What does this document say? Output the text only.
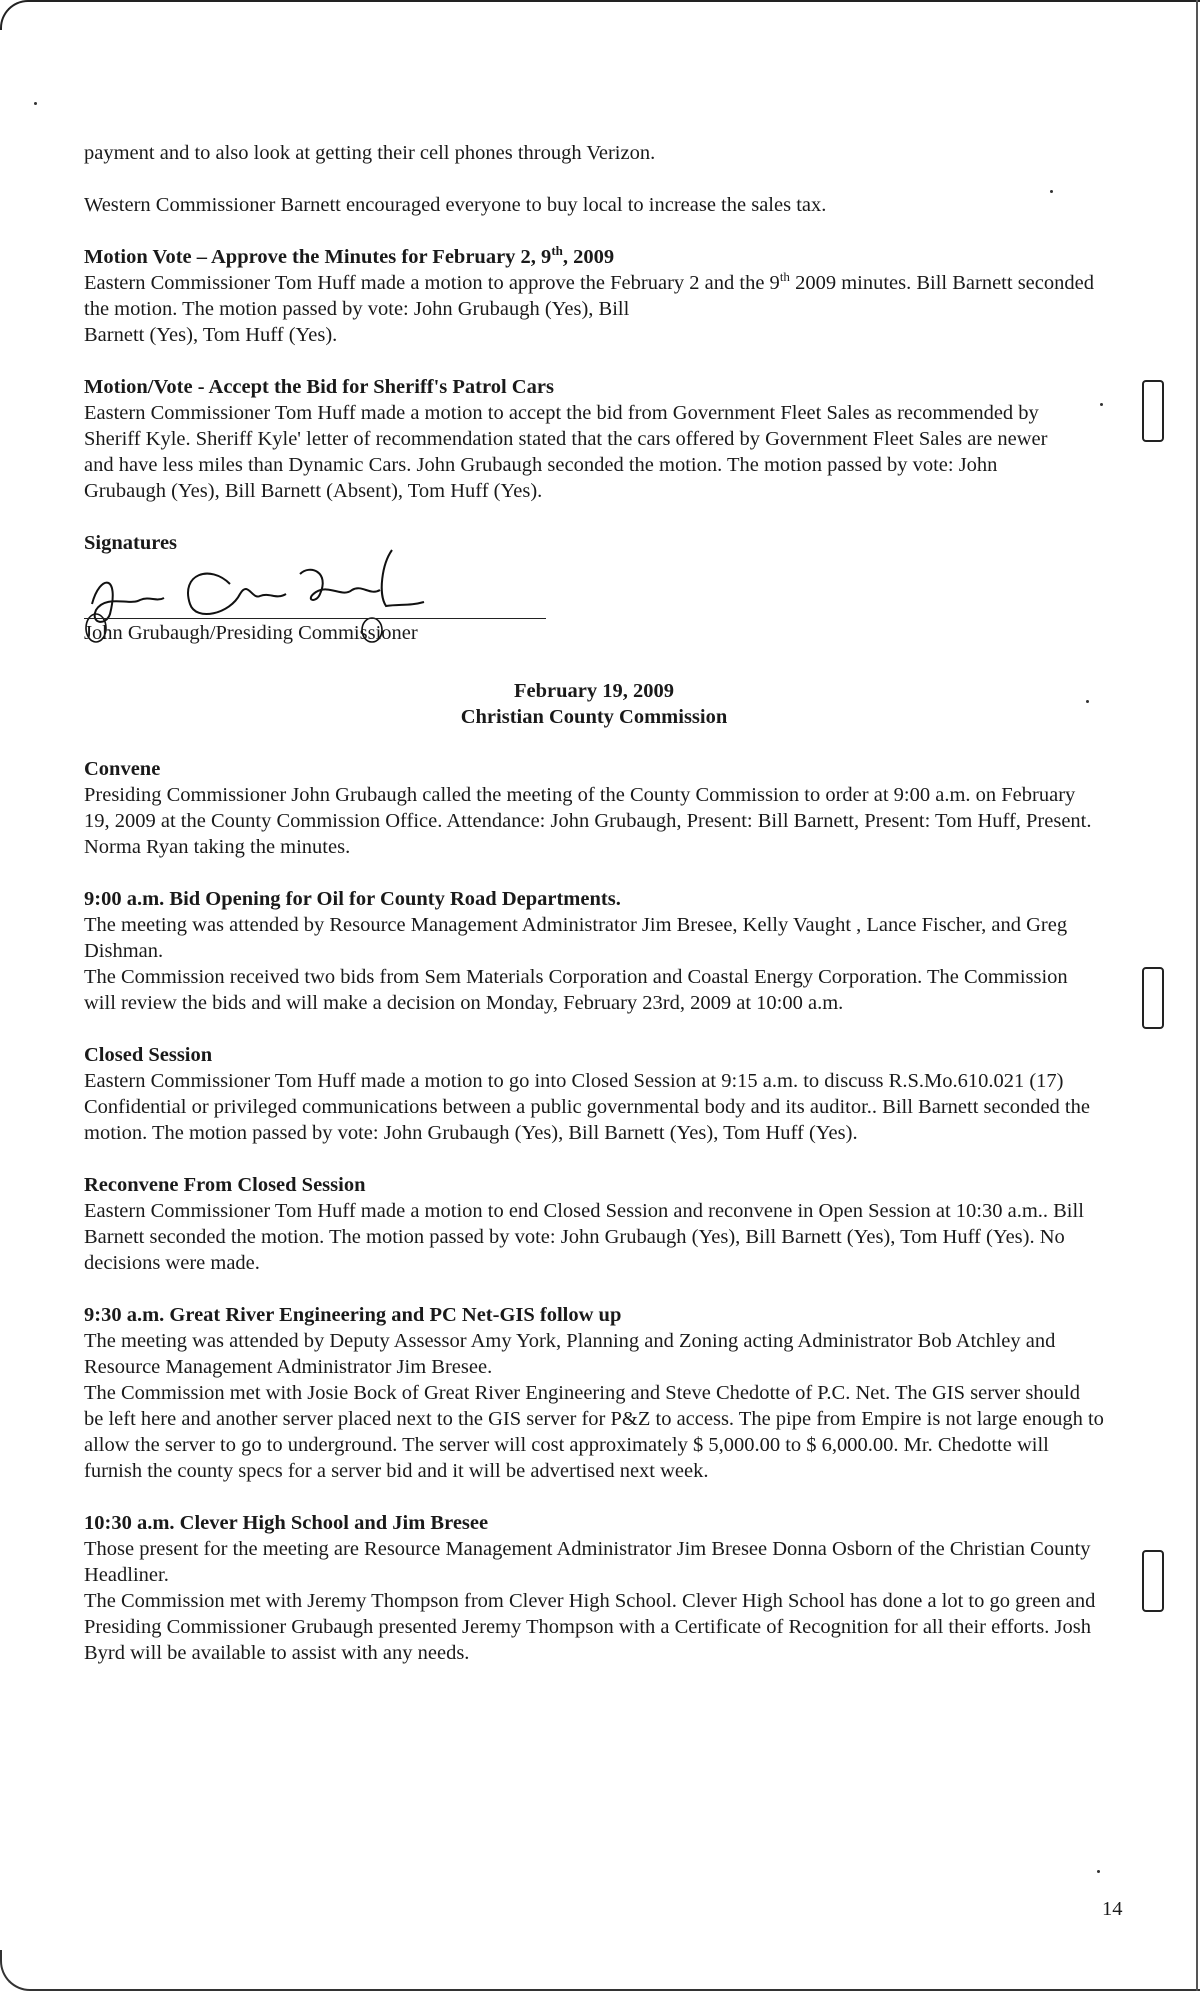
payment and to also look at getting their cell phones through Verizon.

Western Commissioner Barnett encouraged everyone to buy local to increase the sales tax.

Motion Vote – Approve the Minutes for February 2, 9th, 2009

Eastern Commissioner Tom Huff made a motion to approve the February 2 and the 9th 2009 minutes. Bill Barnett seconded the motion. The motion passed by vote: John Grubaugh (Yes), Bill

Barnett (Yes), Tom Huff (Yes).

Motion/Vote - Accept the Bid for Sheriff's Patrol Cars

Eastern Commissioner Tom Huff made a motion to accept the bid from Government Fleet Sales as recommended by Sheriff Kyle. Sheriff Kyle' letter of recommendation stated that the cars offered by Government Fleet Sales are newer and have less miles than Dynamic Cars. John Grubaugh seconded the motion. The motion passed by vote: John Grubaugh (Yes), Bill Barnett (Absent), Tom Huff (Yes).

Signatures

John Grubaugh/Presiding Commissioner

February 19, 2009

Christian County Commission

Convene

Presiding Commissioner John Grubaugh called the meeting of the County Commission to order at 9:00 a.m. on February 19, 2009 at the County Commission Office. Attendance: John Grubaugh, Present: Bill Barnett, Present: Tom Huff, Present. Norma Ryan taking the minutes.

9:00 a.m. Bid Opening for Oil for County Road Departments.

The meeting was attended by Resource Management Administrator Jim Bresee, Kelly Vaught , Lance Fischer, and Greg Dishman.

The Commission received two bids from Sem Materials Corporation and Coastal Energy Corporation. The Commission will review the bids and will make a decision on Monday, February 23rd, 2009 at 10:00 a.m.

Closed Session

Eastern Commissioner Tom Huff made a motion to go into Closed Session at 9:15 a.m. to discuss R.S.Mo.610.021 (17) Confidential or privileged communications between a public governmental body and its auditor.. Bill Barnett seconded the motion. The motion passed by vote: John Grubaugh (Yes), Bill Barnett (Yes), Tom Huff (Yes).

Reconvene From Closed Session

Eastern Commissioner Tom Huff made a motion to end Closed Session and reconvene in Open Session at 10:30 a.m.. Bill Barnett seconded the motion. The motion passed by vote: John Grubaugh (Yes), Bill Barnett (Yes), Tom Huff (Yes). No decisions were made.

9:30 a.m. Great River Engineering and PC Net-GIS follow up

The meeting was attended by Deputy Assessor Amy York, Planning and Zoning acting Administrator Bob Atchley and Resource Management Administrator Jim Bresee.

The Commission met with Josie Bock of Great River Engineering and Steve Chedotte of P.C. Net. The GIS server should be left here and another server placed next to the GIS server for P&Z to access. The pipe from Empire is not large enough to allow the server to go to underground. The server will cost approximately $ 5,000.00 to $ 6,000.00. Mr. Chedotte will furnish the county specs for a server bid and it will be advertised next week.

10:30 a.m. Clever High School and Jim Bresee

Those present for the meeting are Resource Management Administrator Jim Bresee Donna Osborn of the Christian County Headliner.

The Commission met with Jeremy Thompson from Clever High School. Clever High School has done a lot to go green and Presiding Commissioner Grubaugh presented Jeremy Thompson with a Certificate of Recognition for all their efforts. Josh Byrd will be available to assist with any needs.

14
